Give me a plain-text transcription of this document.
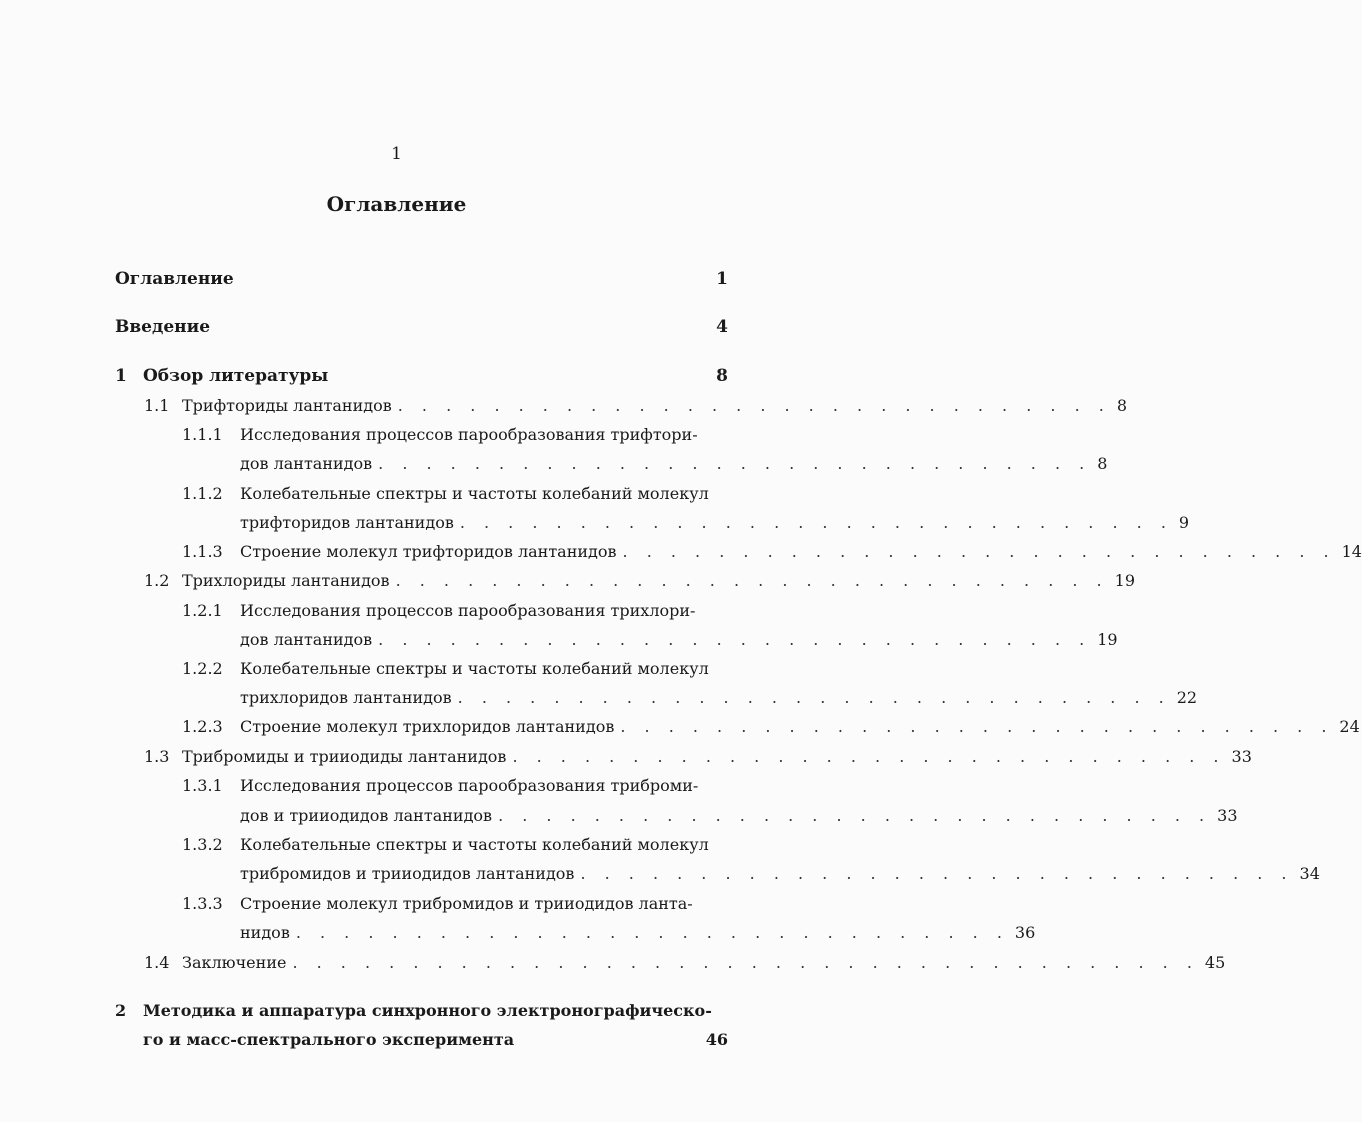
1
Оглавление
Оглавление	1
Введение	4
1 Обзор литературы	8
1.1 Трифториды лантанидов . . . . . . . . . . . . . . . . . . . . . . . . . . . . . . 8
1.1.1 Исследования процессов парообразования трифтори-
дов лантанидов . . . . . . . . . . . . . . . . . . . . . . . . . . . . . . 8
1.1.2 Колебательные спектры и частоты колебаний молекул
трифторидов лантанидов . . . . . . . . . . . . . . . . . . . . . . . . . . . . . . 9
1.1.3 Строение молекул трифторидов лантанидов . . . . . . . . . . . . . . . . . . . . . . . . . . . . . . 14
1.2 Трихлориды лантанидов . . . . . . . . . . . . . . . . . . . . . . . . . . . . . . 19
1.2.1 Исследования процессов парообразования трихлори-
дов лантанидов . . . . . . . . . . . . . . . . . . . . . . . . . . . . . . 19
1.2.2 Колебательные спектры и частоты колебаний молекул
трихлоридов лантанидов . . . . . . . . . . . . . . . . . . . . . . . . . . . . . . 22
1.2.3 Строение молекул трихлоридов лантанидов . . . . . . . . . . . . . . . . . . . . . . . . . . . . . . 24
1.3 Трибромиды и трииодиды лантанидов . . . . . . . . . . . . . . . . . . . . . . . . . . . . . . 33
1.3.1 Исследования процессов парообразования триброми-
дов и трииодидов лантанидов . . . . . . . . . . . . . . . . . . . . . . . . . . . . . . 33
1.3.2 Колебательные спектры и частоты колебаний молекул
трибромидов и трииодидов лантанидов . . . . . . . . . . . . . . . . . . . . . . . . . . . . . . 34
1.3.3 Строение молекул трибромидов и трииодидов ланта-
нидов . . . . . . . . . . . . . . . . . . . . . . . . . . . . . . 36
1.4 Заключение . . . . . . . . . . . . . . . . . . . . . . . . . . . . . . . . . . . . . . 45
2 Методика и аппаратура синхронного электронографическо-
го и масс-спектрального эксперимента	46
